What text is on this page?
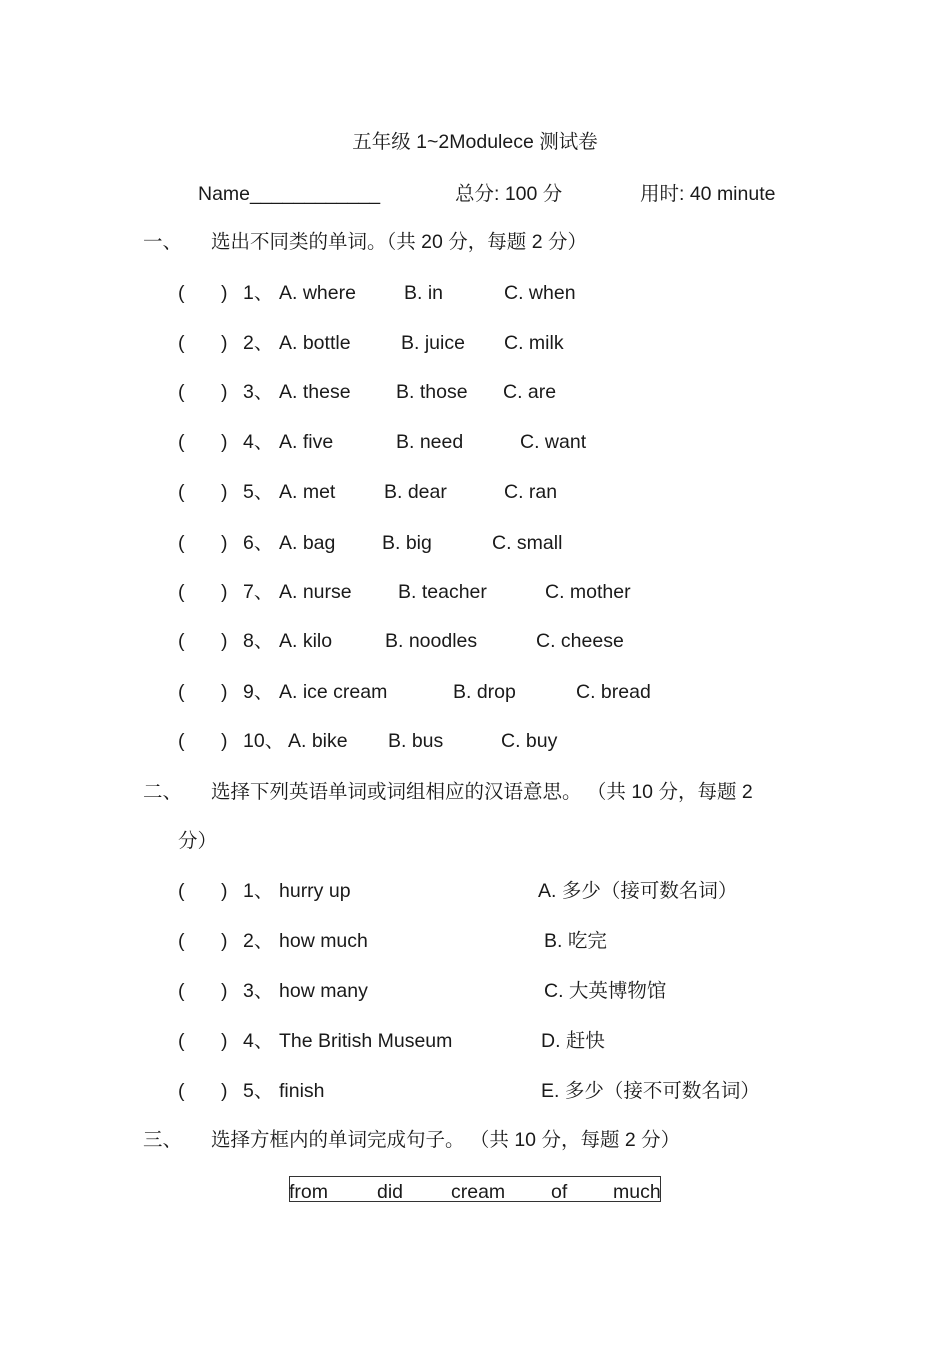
五年级 1~2Modulece 测试卷
Name____________	总分: 100 分	用时: 40 minute
一、 选出不同类的单词。（共 20 分，每题 2 分）
( ) 1、 A. where B. in	C. when
( ) 2、 A. bottle	B. juice C. milk
( ) 3、 A. these B. those C. are
( ) 4、 A. five	B. need	C. want
( ) 5、 A. met B. dear	C. ran
( ) 6、 A. bag B. big	C. small
( ) 7、 A. nurse B. teacher	C. mother
( ) 8、 A. kilo	B. noodles	C. cheese
( ) 9、 A. ice cream	B. drop	C. bread
( ) 10、 A. bike B. bus	C. buy
二、 选择下列英语单词或词组相应的汉语意思。 （共 10 分，每题 2
分）
( ) 1、 hurry up	A. 多少（接可数名词）
( ) 2、 how much	B. 吃完
( ) 3、 how many	C. 大英博物馆
( ) 4、 The British Museum	D. 赶快
( ) 5、 finish	E. 多少（接不可数名词）
三、 选择方框内的单词完成句子。 （共 10 分，每题 2 分）
from	did cream of much
